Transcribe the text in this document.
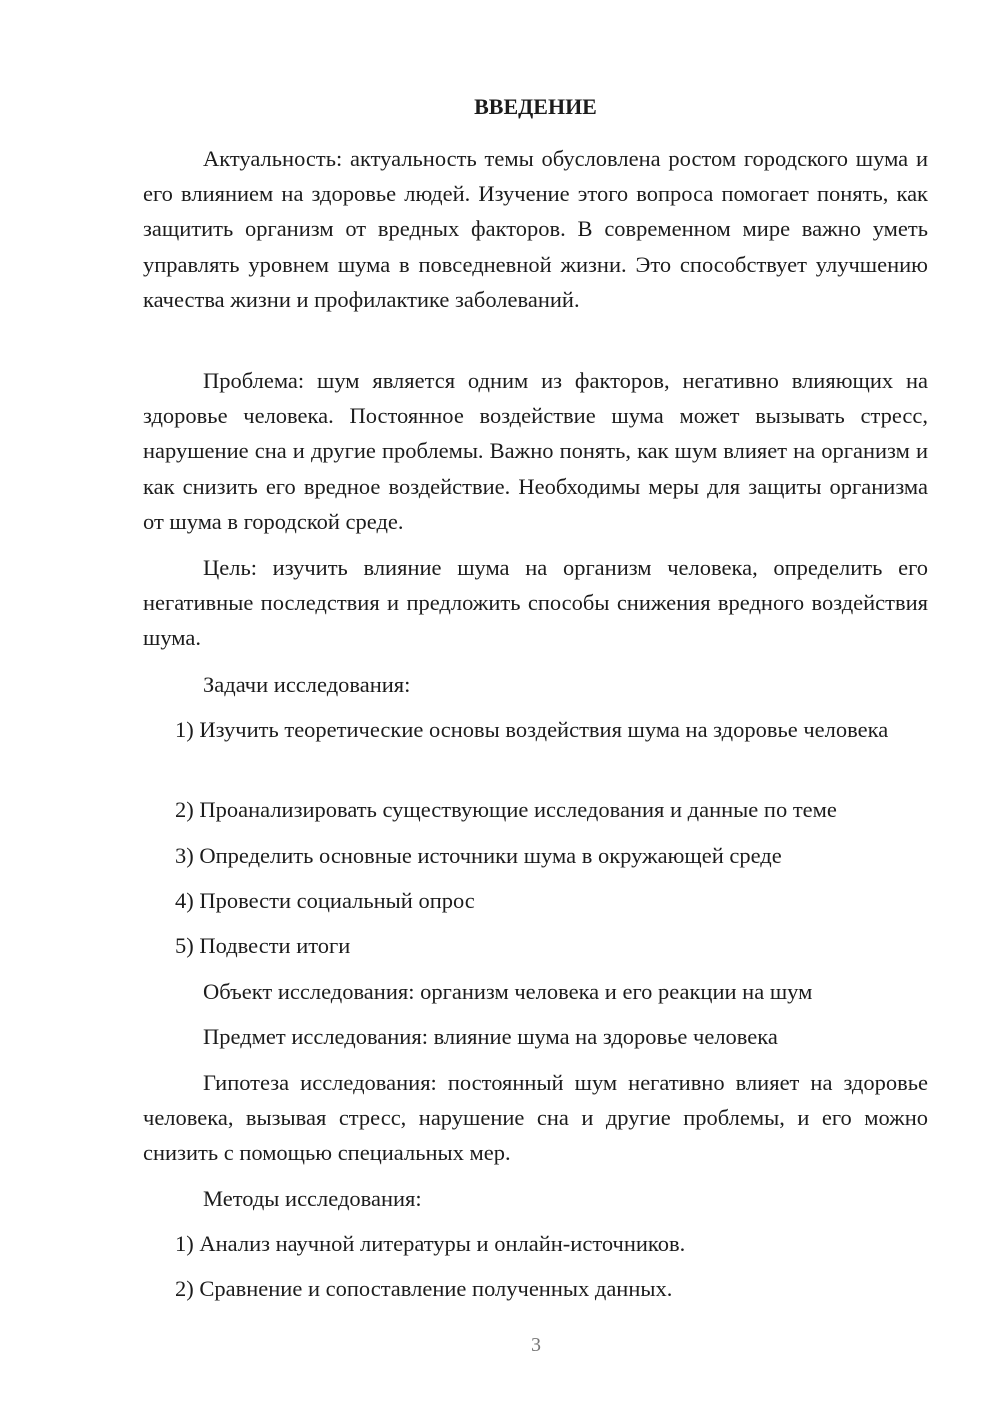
ВВЕДЕНИЕ

Актуальность: актуальность темы обусловлена ростом городского шума и его влиянием на здоровье людей. Изучение этого вопроса помогает понять, как защитить организм от вредных факторов. В современном мире важно уметь управлять уровнем шума в повседневной жизни. Это способствует улучшению качества жизни и профилактике заболеваний.

Проблема: шум является одним из факторов, негативно влияющих на здоровье человека. Постоянное воздействие шума может вызывать стресс, нарушение сна и другие проблемы. Важно понять, как шум влияет на организм и как снизить его вредное воздействие. Необходимы меры для защиты организма от шума в городской среде.

Цель: изучить влияние шума на организм человека, определить его негативные последствия и предложить способы снижения вредного воздействия шума.

Задачи исследования:

1) Изучить теоретические основы воздействия шума на здоровье человека

2) Проанализировать существующие исследования и данные по теме
3) Определить основные источники шума в окружающей среде
4) Провести социальный опрос
5) Подвести итоги
Объект исследования: организм человека и его реакции на шум
Предмет исследования: влияние шума на здоровье человека

Гипотеза исследования: постоянный шум негативно влияет на здоровье человека, вызывая стресс, нарушение сна и другие проблемы, и его можно снизить с помощью специальных мер.

Методы исследования:
1) Анализ научной литературы и онлайн-источников.
2) Сравнение и сопоставление полученных данных.
3
